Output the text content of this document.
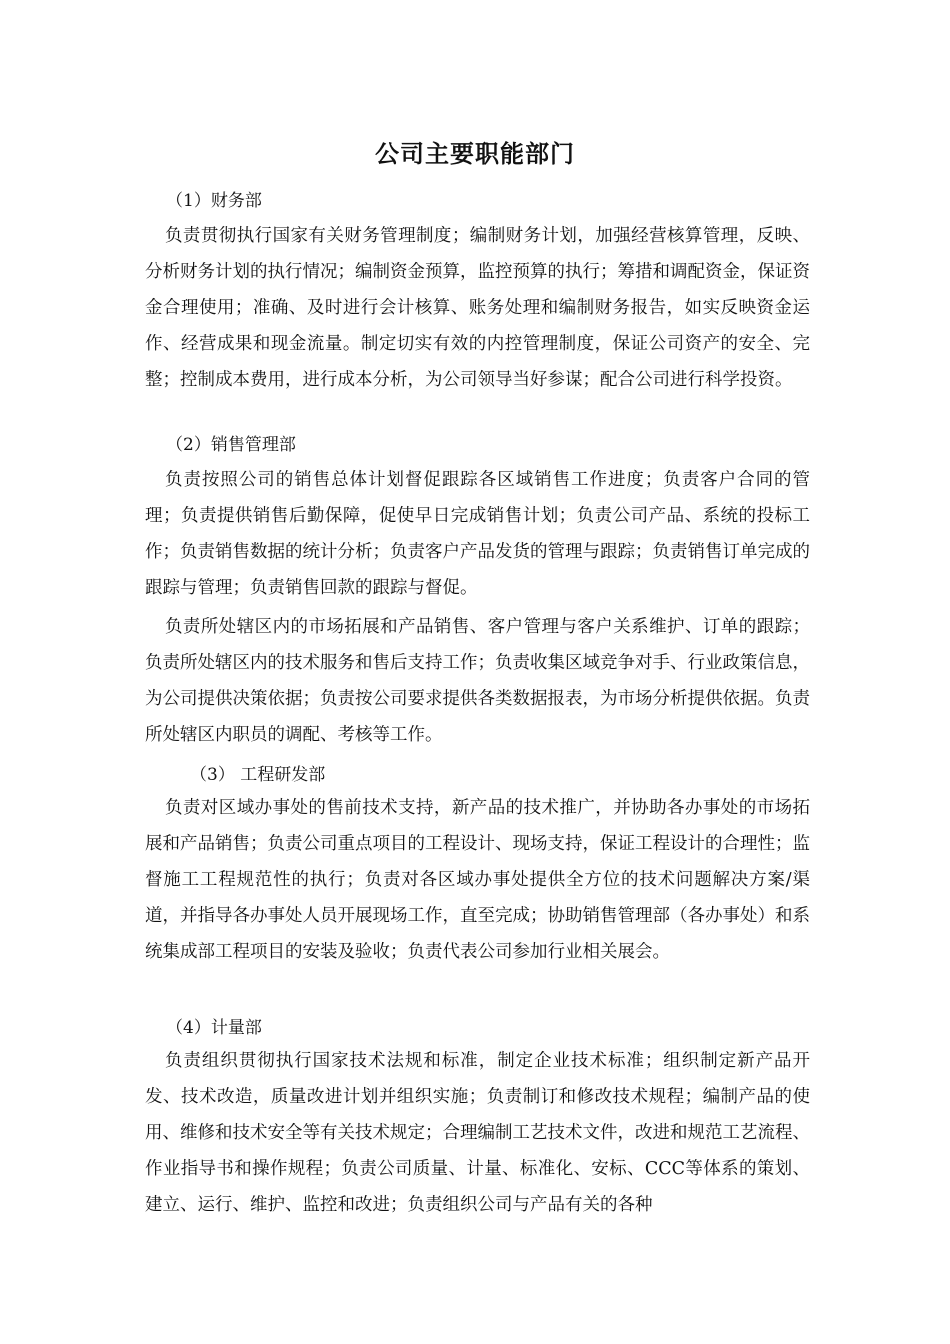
公司主要职能部门
（1）财务部

负责贯彻执行国家有关财务管理制度；编制财务计划，加强经营核算管理，反映、分析财务计划的执行情况；编制资金预算，监控预算的执行；筹措和调配资金，保证资金合理使用；准确、及时进行会计核算、账务处理和编制财务报告，如实反映资金运作、经营成果和现金流量。制定切实有效的内控管理制度，保证公司资产的安全、完整；控制成本费用，进行成本分析，为公司领导当好参谋；配合公司进行科学投资。

（2）销售管理部

负责按照公司的销售总体计划督促跟踪各区域销售工作进度；负责客户合同的管理；负责提供销售后勤保障，促使早日完成销售计划；负责公司产品、系统的投标工作；负责销售数据的统计分析；负责客户产品发货的管理与跟踪；负责销售订单完成的跟踪与管理；负责销售回款的跟踪与督促。

负责所处辖区内的市场拓展和产品销售、客户管理与客户关系维护、订单的跟踪；负责所处辖区内的技术服务和售后支持工作；负责收集区域竞争对手、行业政策信息，为公司提供决策依据；负责按公司要求提供各类数据报表，为市场分析提供依据。负责所处辖区内职员的调配、考核等工作。

（3） 工程研发部

负责对区域办事处的售前技术支持，新产品的技术推广，并协助各办事处的市场拓展和产品销售；负责公司重点项目的工程设计、现场支持，保证工程设计的合理性；监督施工工程规范性的执行；负责对各区域办事处提供全方位的技术问题解决方案/渠道，并指导各办事处人员开展现场工作，直至完成；协助销售管理部（各办事处）和系统集成部工程项目的安装及验收；负责代表公司参加行业相关展会。

（4）计量部

负责组织贯彻执行国家技术法规和标准，制定企业技术标准；组织制定新产品开发、技术改造，质量改进计划并组织实施；负责制订和修改技术规程；编制产品的使用、维修和技术安全等有关技术规定；合理编制工艺技术文件，改进和规范工艺流程、作业指导书和操作规程；负责公司质量、计量、标准化、安标、CCC等体系的策划、建立、运行、维护、监控和改进；负责组织公司与产品有关的各种
